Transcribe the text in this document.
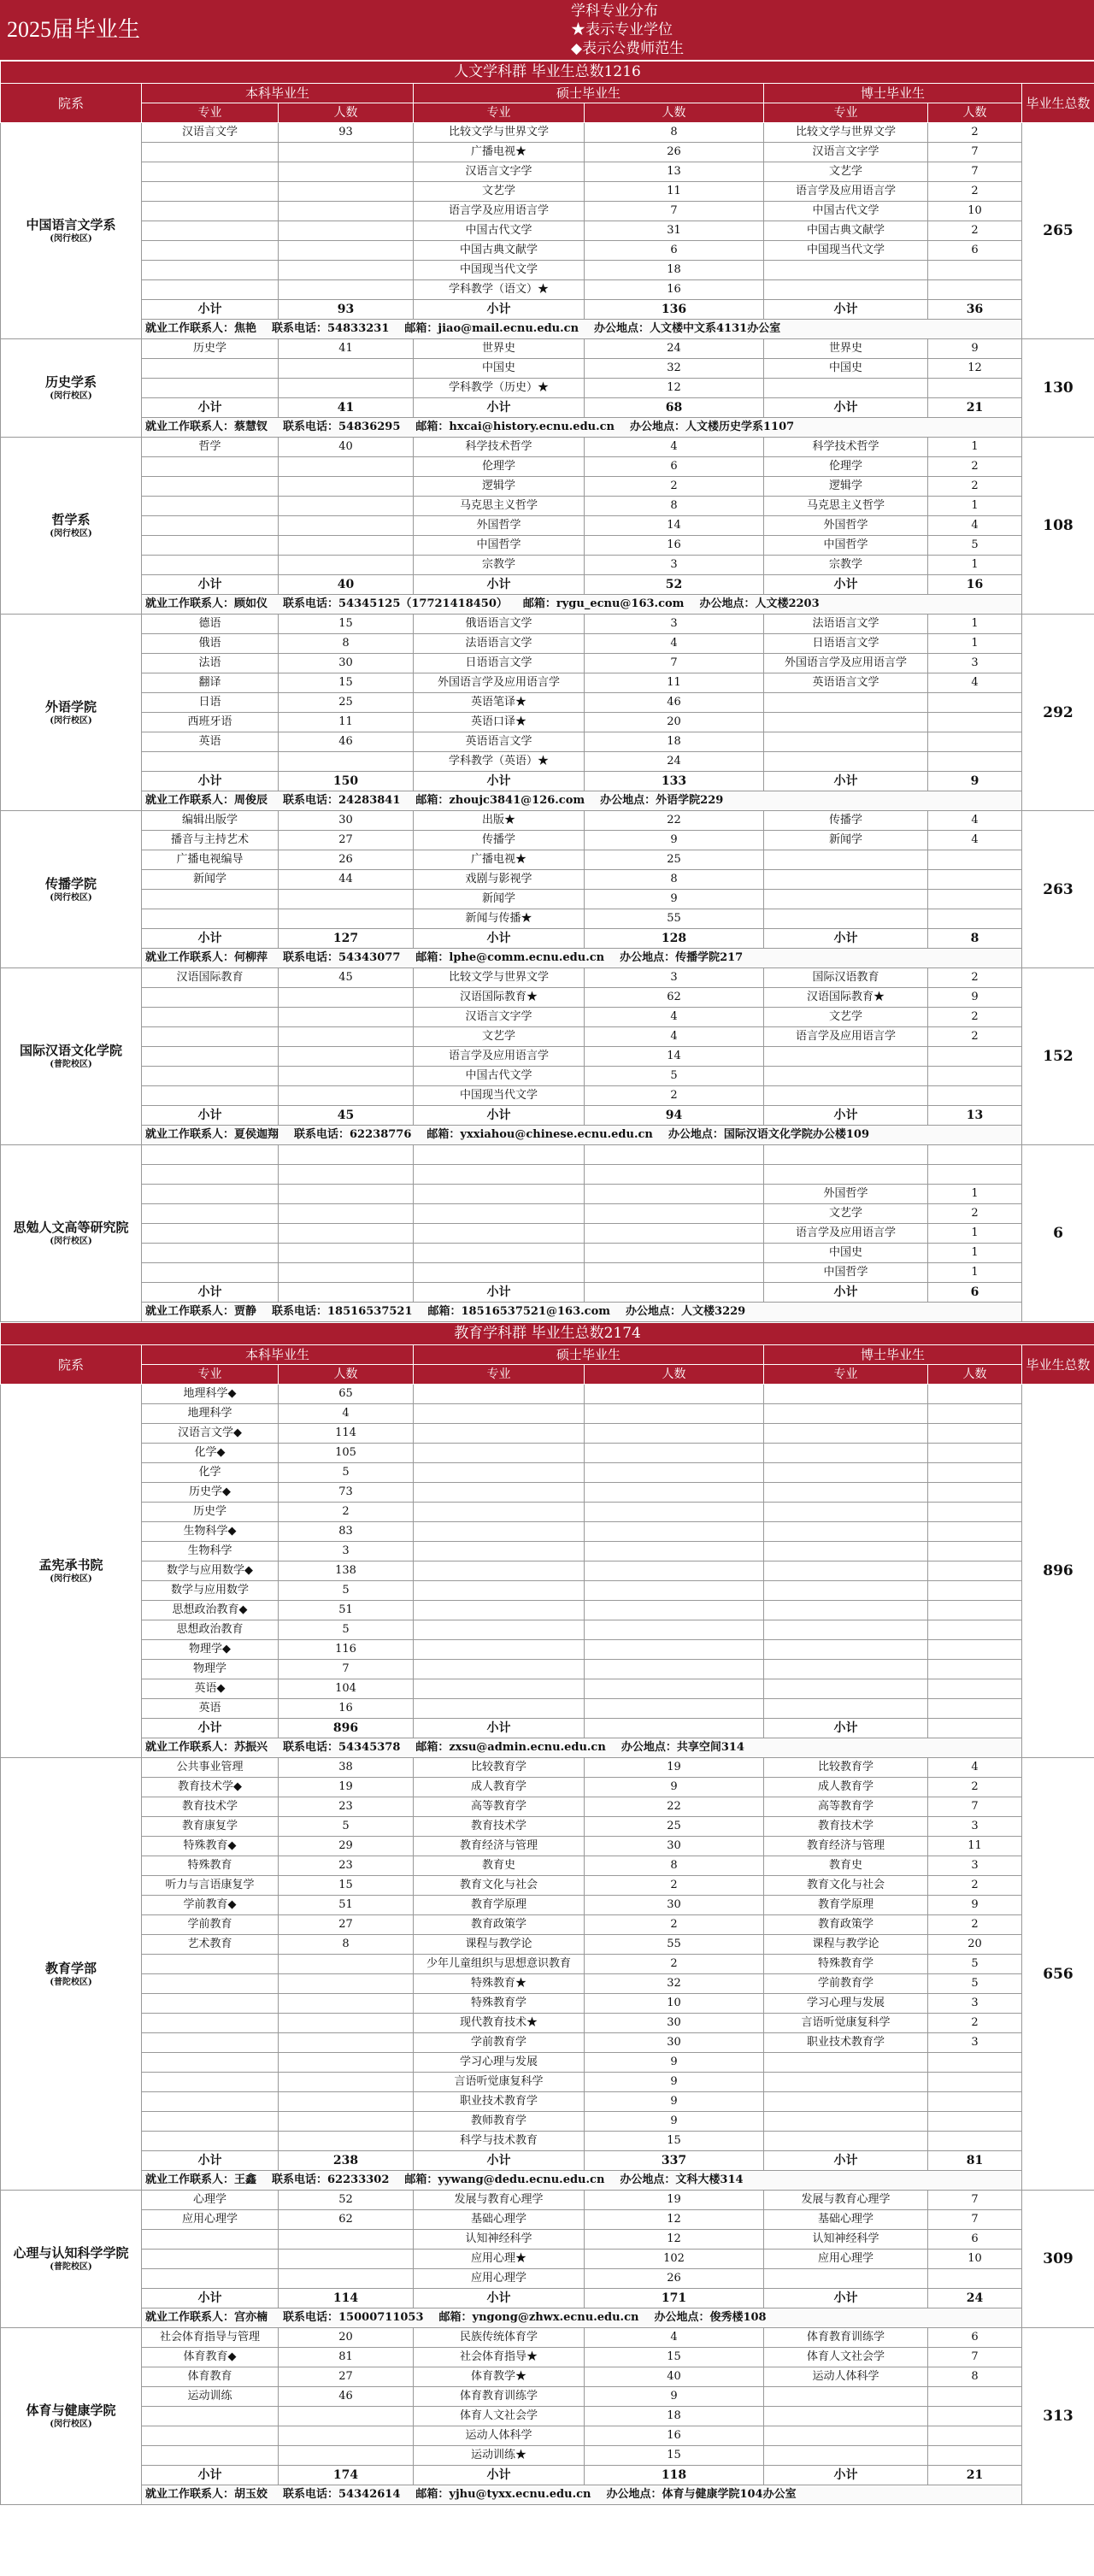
2025届毕业生
学科专业分布
★表示专业学位
◆表示公费师范生
人文学科群 毕业生总数1216							
院系	本科毕业生		硕士毕业生		博士毕业生		毕业生总数
	专业	人数	专业	人数	专业	人数	
中国语言文学系
(闵行校区)	汉语言文学	93	比较文学与世界文学	8	比较文学与世界文学	2	265
			广播电视★	26	汉语言文字学	7	
			汉语言文字学	13	文艺学	7	
			文艺学	11	语言学及应用语言学	2	
			语言学及应用语言学	7	中国古代文学	10	
			中国古代文学	31	中国古典文献学	2	
			中国古典文献学	6	中国现当代文学	6	
			中国现当代文学	18			
			学科教学（语文）★	16			
	小计	93	小计	136	小计	36	
	就业工作联系人：焦艳 联系电话：54833231 邮箱：jiao@mail.ecnu.edu.cn 办公地点：人文楼中文系4131办公室						
历史学系
(闵行校区)	历史学	41	世界史	24	世界史	9	130
			中国史	32	中国史	12	
			学科教学（历史）★	12			
	小计	41	小计	68	小计	21	
	就业工作联系人：蔡慧钗 联系电话：54836295 邮箱：hxcai@history.ecnu.edu.cn 办公地点：人文楼历史学系1107						
哲学系
(闵行校区)	哲学	40	科学技术哲学	4	科学技术哲学	1	108
			伦理学	6	伦理学	2	
			逻辑学	2	逻辑学	2	
			马克思主义哲学	8	马克思主义哲学	1	
			外国哲学	14	外国哲学	4	
			中国哲学	16	中国哲学	5	
			宗教学	3	宗教学	1	
	小计	40	小计	52	小计	16	
	就业工作联系人：顾如仪 联系电话：54345125（17721418450） 邮箱：rygu_ecnu@163.com 办公地点：人文楼2203						
外语学院
(闵行校区)	德语	15	俄语语言文学	3	法语语言文学	1	292
	俄语	8	法语语言文学	4	日语语言文学	1	
	法语	30	日语语言文学	7	外国语言学及应用语言学	3	
	翻译	15	外国语言学及应用语言学	11	英语语言文学	4	
	日语	25	英语笔译★	46			
	西班牙语	11	英语口译★	20			
	英语	46	英语语言文学	18			
			学科教学（英语）★	24			
	小计	150	小计	133	小计	9	
	就业工作联系人：周俊辰 联系电话：24283841 邮箱：zhoujc3841@126.com 办公地点：外语学院229						
传播学院
(闵行校区)	编辑出版学	30	出版★	22	传播学	4	263
	播音与主持艺术	27	传播学	9	新闻学	4	
	广播电视编导	26	广播电视★	25			
	新闻学	44	戏剧与影视学	8			
			新闻学	9			
			新闻与传播★	55			
	小计	127	小计	128	小计	8	
	就业工作联系人：何柳萍 联系电话：54343077 邮箱：lphe@comm.ecnu.edu.cn 办公地点：传播学院217						
国际汉语文化学院
(普陀校区)	汉语国际教育	45	比较文学与世界文学	3	国际汉语教育	2	152
			汉语国际教育★	62	汉语国际教育★	9	
			汉语言文字学	4	文艺学	2	
			文艺学	4	语言学及应用语言学	2	
			语言学及应用语言学	14			
			中国古代文学	5			
			中国现当代文学	2			
	小计	45	小计	94	小计	13	
	就业工作联系人：夏侯迦翔 联系电话：62238776 邮箱：yxxiahou@chinese.ecnu.edu.cn 办公地点：国际汉语文化学院办公楼109						
思勉人文高等研究院
(闵行校区)							6

					外国哲学	1	
					文艺学	2	
					语言学及应用语言学	1	
					中国史	1	
					中国哲学	1	
	小计		小计		小计	6	
	就业工作联系人：贾静 联系电话：18516537521 邮箱：18516537521@163.com 办公地点：人文楼3229						
教育学科群 毕业生总数2174							
院系	本科毕业生		硕士毕业生		博士毕业生		毕业生总数
	专业	人数	专业	人数	专业	人数	
孟宪承书院
(闵行校区)	地理科学◆	65					896
	地理科学	4					
	汉语言文学◆	114					
	化学◆	105					
	化学	5					
	历史学◆	73					
	历史学	2					
	生物科学◆	83					
	生物科学	3					
	数学与应用数学◆	138					
	数学与应用数学	5					
	思想政治教育◆	51					
	思想政治教育	5					
	物理学◆	116					
	物理学	7					
	英语◆	104					
	英语	16					
	小计	896	小计		小计		
	就业工作联系人：苏振兴 联系电话：54345378 邮箱：zxsu@admin.ecnu.edu.cn 办公地点：共享空间314						
教育学部
(普陀校区)	公共事业管理	38	比较教育学	19	比较教育学	4	656
	教育技术学◆	19	成人教育学	9	成人教育学	2	
	教育技术学	23	高等教育学	22	高等教育学	7	
	教育康复学	5	教育技术学	25	教育技术学	3	
	特殊教育◆	29	教育经济与管理	30	教育经济与管理	11	
	特殊教育	23	教育史	8	教育史	3	
	听力与言语康复学	15	教育文化与社会	2	教育文化与社会	2	
	学前教育◆	51	教育学原理	30	教育学原理	9	
	学前教育	27	教育政策学	2	教育政策学	2	
	艺术教育	8	课程与教学论	55	课程与教学论	20	
			少年儿童组织与思想意识教育	2	特殊教育学	5	
			特殊教育★	32	学前教育学	5	
			特殊教育学	10	学习心理与发展	3	
			现代教育技术★	30	言语听觉康复科学	2	
			学前教育学	30	职业技术教育学	3	
			学习心理与发展	9			
			言语听觉康复科学	9			
			职业技术教育学	9			
			教师教育学	9			
			科学与技术教育	15			
	小计	238	小计	337	小计	81	
	就业工作联系人：王鑫 联系电话：62233302 邮箱：yywang@dedu.ecnu.edu.cn 办公地点：文科大楼314						
心理与认知科学学院
(普陀校区)	心理学	52	发展与教育心理学	19	发展与教育心理学	7	309
	应用心理学	62	基础心理学	12	基础心理学	7	
			认知神经科学	12	认知神经科学	6	
			应用心理★	102	应用心理学	10	
			应用心理学	26			
	小计	114	小计	171	小计	24	
	就业工作联系人：宫亦楠 联系电话：15000711053 邮箱：yngong@zhwx.ecnu.edu.cn 办公地点：俊秀楼108						
体育与健康学院
(闵行校区)	社会体育指导与管理	20	民族传统体育学	4	体育教育训练学	6	313
	体育教育◆	81	社会体育指导★	15	体育人文社会学	7	
	体育教育	27	体育教学★	40	运动人体科学	8	
	运动训练	46	体育教育训练学	9			
			体育人文社会学	18			
			运动人体科学	16			
			运动训练★	15			
	小计	174	小计	118	小计	21	
	就业工作联系人：胡玉姣 联系电话：54342614 邮箱：yjhu@tyxx.ecnu.edu.cn 办公地点：体育与健康学院104办公室						
